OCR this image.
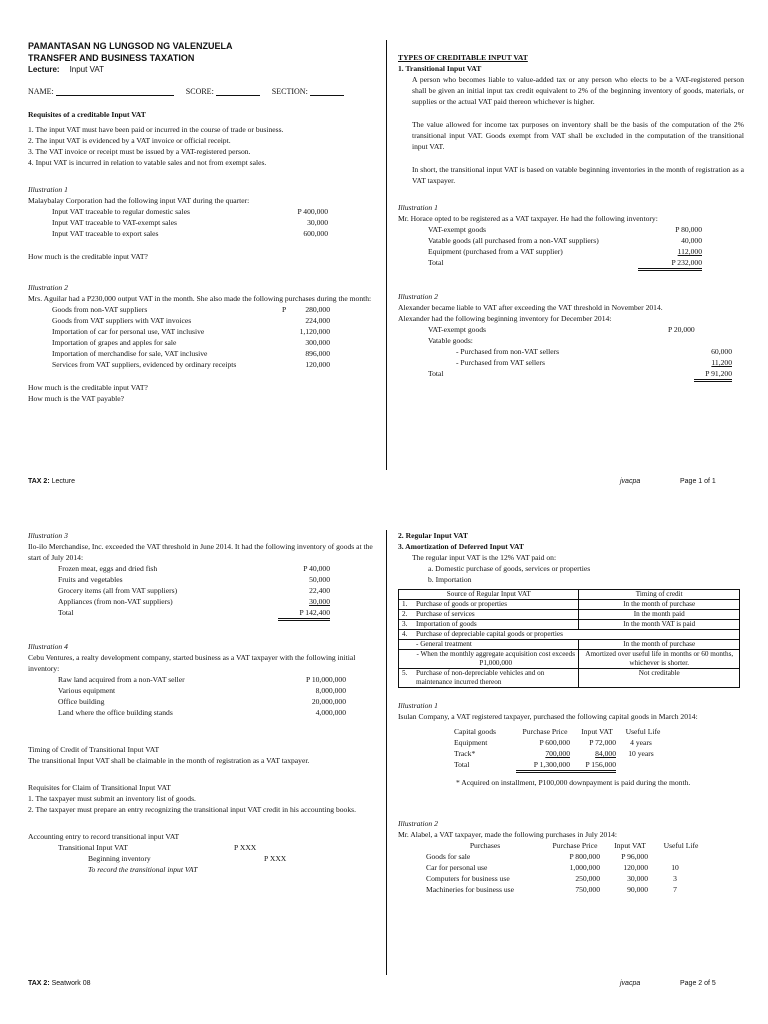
PAMANTASAN NG LUNGSOD NG VALENZUELA
TRANSFER AND BUSINESS TAXATION
Lecture: Input VAT
NAME:	SCORE:	SECTION:
Requisites of a creditable Input VAT
1. The input VAT must have been paid or incurred in the course of trade or business.
2. The input VAT is evidenced by a VAT invoice or official receipt.
3. The VAT invoice or receipt must be issued by a VAT-registered person.
4. Input VAT is incurred in relation to vatable sales and not from exempt sales.
Illustration 1
Malaybalay Corporation had the following input VAT during the quarter:
Input VAT traceable to regular domestic sales	P 400,000
Input VAT traceable to VAT-exempt sales	30,000
Input VAT traceable to export sales	600,000
How much is the creditable input VAT?
Illustration 2
Mrs. Aguilar had a P230,000 output VAT in the month. She also made the following purchases during the month:
Goods from non-VAT suppliers	P	280,000
Goods from VAT suppliers with VAT invoices	224,000
Importation of car for personal use, VAT inclusive	1,120,000
Importation of grapes and apples for sale	300,000
Importation of merchandise for sale, VAT inclusive	896,000
Services from VAT suppliers, evidenced by ordinary receipts	120,000
How much is the creditable input VAT?
How much is the VAT payable?
TYPES OF CREDITABLE INPUT VAT
1. Transitional Input VAT
A person who becomes liable to value-added tax or any person who elects to be a VAT-registered person shall be given an initial input tax credit equivalent to 2% of the beginning inventory of goods, materials, or supplies or the actual VAT paid thereon whichever is higher.
The value allowed for income tax purposes on inventory shall be the basis of the computation of the 2% transitional input VAT. Goods exempt from VAT shall be excluded in the computation of the transitional input VAT.
In short, the transitional input VAT is based on vatable beginning inventories in the month of registration as a VAT taxpayer.
Illustration 1
Mr. Horace opted to be registered as a VAT taxpayer. He had the following inventory:
VAT-exempt goods	P 80,000
Vatable goods (all purchased from a non-VAT suppliers)	40,000
Equipment (purchased from a VAT supplier)	112,000
Total	P 232,000
Illustration 2
Alexander became liable to VAT after exceeding the VAT threshold in November 2014.
Alexander had the following beginning inventory for December 2014:
VAT-exempt goods	P 20,000
Vatable goods:
- Purchased from non-VAT sellers	60,000
- Purchased from VAT sellers	11,200
Total	P 91,200
TAX 2: Lecture	jvacpa	Page 1 of 1
Illustration 3
Ilo-ilo Merchandise, Inc. exceeded the VAT threshold in June 2014. It had the following inventory of goods at the start of July 2014:
Frozen meat, eggs and dried fish	P 40,000
Fruits and vegetables	50,000
Grocery items (all from VAT suppliers)	22,400
Appliances (from non-VAT suppliers)	30,000
Total	P 142,400
Illustration 4
Cebu Ventures, a realty development company, started business as a VAT taxpayer with the following initial inventory:
Raw land acquired from a non-VAT seller	P 10,000,000
Various equipment	8,000,000
Office building	20,000,000
Land where the office building stands	4,000,000
Timing of Credit of Transitional Input VAT
The transitional Input VAT shall be claimable in the month of registration as a VAT taxpayer.
Requisites for Claim of Transitional Input VAT
1. The taxpayer must submit an inventory list of goods.
2. The taxpayer must prepare an entry recognizing the transitional input VAT credit in his accounting books.
Accounting entry to record transitional input VAT
Transitional Input VAT	P XXX
Beginning inventory	P XXX
To record the transitional input VAT
2. Regular Input VAT
3. Amortization of Deferred Input VAT
The regular input VAT is the 12% VAT paid on:
a. Domestic purchase of goods, services or properties
b. Importation
Source of Regular Input VAT		Timing of credit
1.	Purchase of goods or properties	In the month of purchase
2.	Purchase of services	In the month paid
3.	Importation of goods	In the month VAT is paid
4.	Purchase of depreciable capital goods or properties	
	- General treatment	In the month of purchase
	- When the monthly aggregate acquisition cost exceeds P1,000,000	Amortized over useful life in months or 60 months, whichever is shorter.
5.	Purchase of non-depreciable vehicles and on maintenance incurred thereon	Not creditable
Illustration 1
Isulan Company, a VAT registered taxpayer, purchased the following capital goods in March 2014:
Capital goods	Purchase Price	Input VAT	Useful Life
Equipment	P 600,000	P 72,000	4 years
Track*	700,000	84,000	10 years
Total	P 1,300,000	P 156,000
* Acquired on installment, P100,000 downpayment is paid during the month.
Illustration 2
Mr. Alabel, a VAT taxpayer, made the following purchases in July 2014:
Purchases	Purchase Price	Input VAT	Useful Life
Goods for sale	P 800,000	P 96,000
Car for personal use	1,000,000	120,000	10
Computers for business use	250,000	30,000	3
Machineries for business use	750,000	90,000	7
TAX 2: Seatwork 08	jvacpa	Page 2 of 5
